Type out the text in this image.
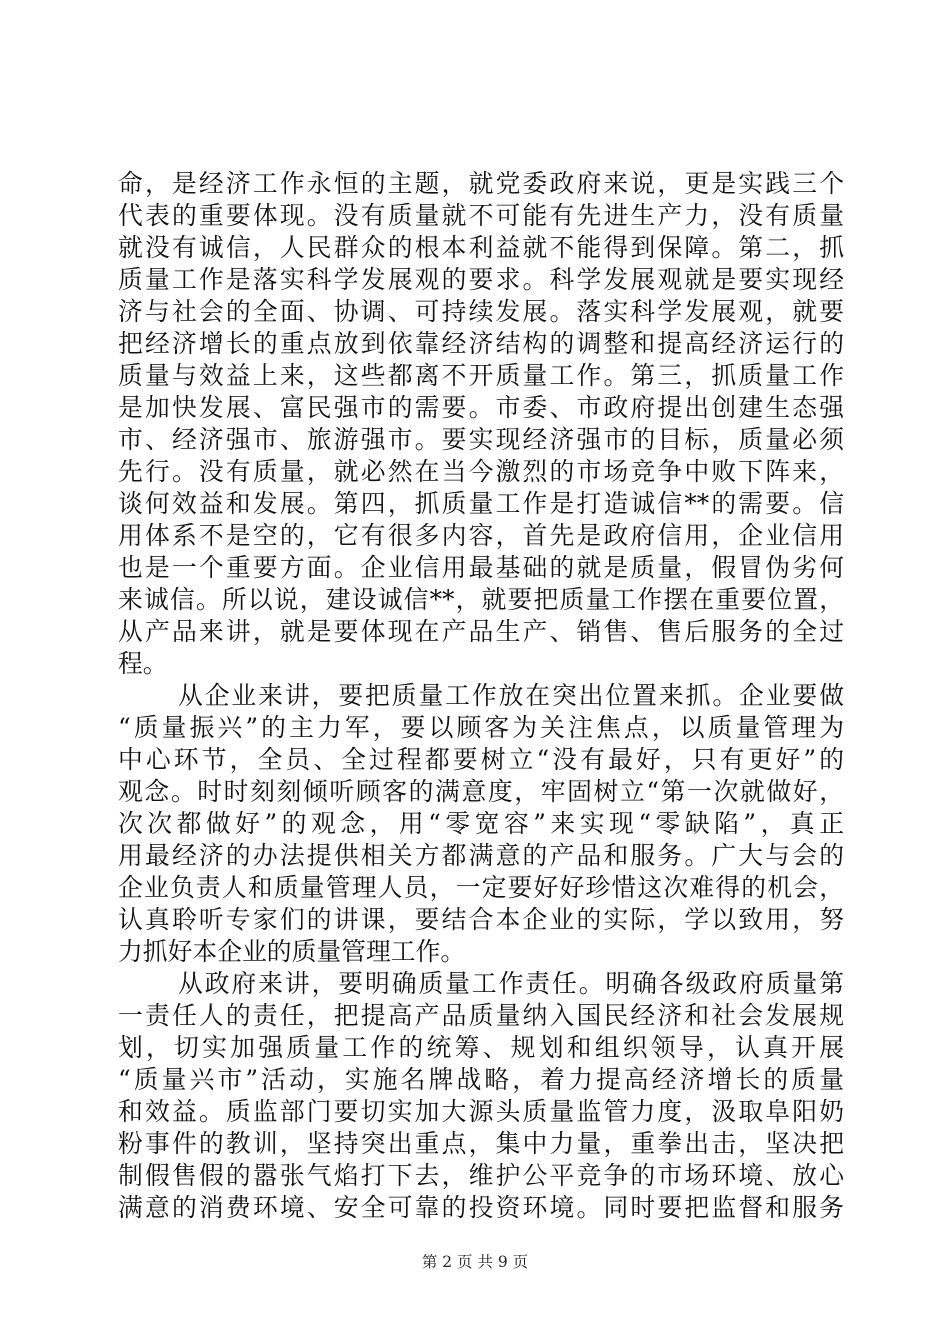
命，是经济工作永恒的主题，就党委政府来说，更是实践三个
代表的重要体现。没有质量就不可能有先进生产力，没有质量
就没有诚信，人民群众的根本利益就不能得到保障。第二，抓
质量工作是落实科学发展观的要求。科学发展观就是要实现经
济与社会的全面、协调、可持续发展。落实科学发展观，就要
把经济增长的重点放到依靠经济结构的调整和提高经济运行的
质量与效益上来，这些都离不开质量工作。第三，抓质量工作
是加快发展、富民强市的需要。市委、市政府提出创建生态强
市、经济强市、旅游强市。要实现经济强市的目标，质量必须
先行。没有质量，就必然在当今激烈的市场竞争中败下阵来，
谈何效益和发展。第四，抓质量工作是打造诚信**的需要。信
用体系不是空的，它有很多内容，首先是政府信用，企业信用
也是一个重要方面。企业信用最基础的就是质量，假冒伪劣何
来诚信。所以说，建设诚信**，就要把质量工作摆在重要位置，
从产品来讲，就是要体现在产品生产、销售、售后服务的全过
程。
从企业来讲，要把质量工作放在突出位置来抓。企业要做
“质量振兴”的主力军，要以顾客为关注焦点，以质量管理为
中心环节，全员、全过程都要树立“没有最好，只有更好”的
观念。时时刻刻倾听顾客的满意度，牢固树立“第一次就做好，
次次都做好”的观念，用“零宽容”来实现“零缺陷”，真正
用最经济的办法提供相关方都满意的产品和服务。广大与会的
企业负责人和质量管理人员，一定要好好珍惜这次难得的机会，
认真聆听专家们的讲课，要结合本企业的实际，学以致用，努
力抓好本企业的质量管理工作。
从政府来讲，要明确质量工作责任。明确各级政府质量第
一责任人的责任，把提高产品质量纳入国民经济和社会发展规
划，切实加强质量工作的统筹、规划和组织领导，认真开展
“质量兴市”活动，实施名牌战略，着力提高经济增长的质量
和效益。质监部门要切实加大源头质量监管力度，汲取阜阳奶
粉事件的教训，坚持突出重点，集中力量，重拳出击，坚决把
制假售假的嚣张气焰打下去，维护公平竞争的市场环境、放心
满意的消费环境、安全可靠的投资环境。同时要把监督和服务
第 2 页 共 9 页
